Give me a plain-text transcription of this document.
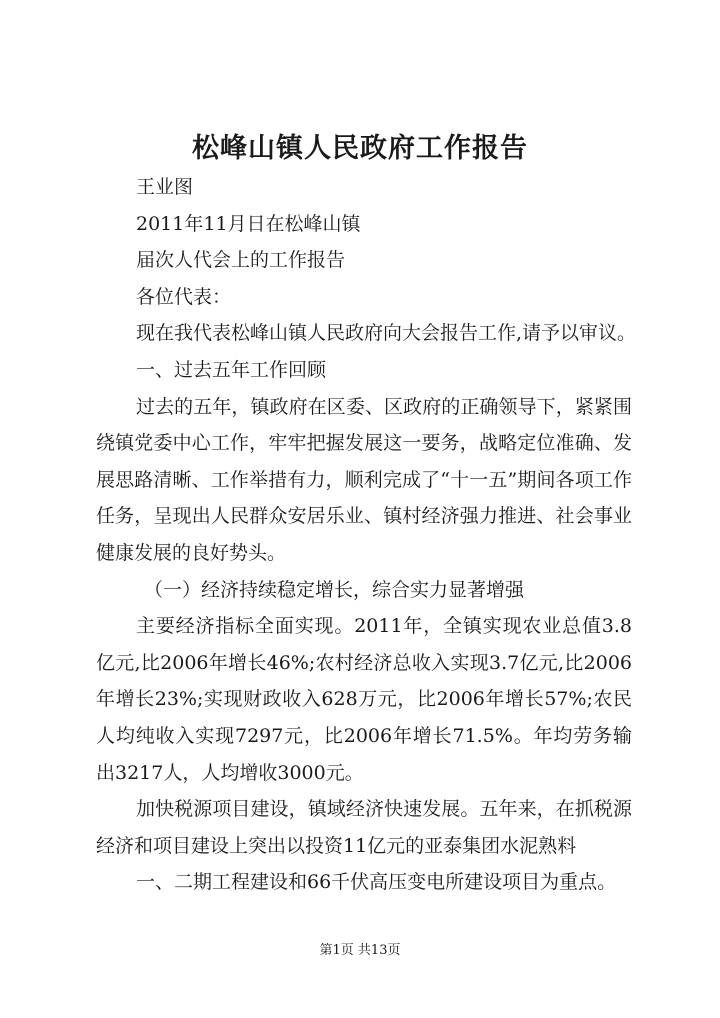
松峰山镇人民政府工作报告

王业图

2011年11月日在松峰山镇

届次人代会上的工作报告

各位代表：

现在我代表松峰山镇人民政府向大会报告工作,请予以审议。

一、过去五年工作回顾

过去的五年，镇政府在区委、区政府的正确领导下，紧紧围绕镇党委中心工作，牢牢把握发展这一要务，战略定位准确、发展思路清晰、工作举措有力，顺利完成了“十一五”期间各项工作任务，呈现出人民群众安居乐业、镇村经济强力推进、社会事业健康发展的良好势头。

（一）经济持续稳定增长，综合实力显著增强

主要经济指标全面实现。2011年，全镇实现农业总值3.8亿元,比2006年增长46%;农村经济总收入实现3.7亿元,比2006年增长23%;实现财政收入628万元，比2006年增长57%;农民人均纯收入实现7297元，比2006年增长71.5%。年均劳务输出3217人，人均增收3000元。

加快税源项目建设，镇域经济快速发展。五年来，在抓税源经济和项目建设上突出以投资11亿元的亚泰集团水泥熟料

一、二期工程建设和66千伏高压变电所建设项目为重点。

第1页 共13页
